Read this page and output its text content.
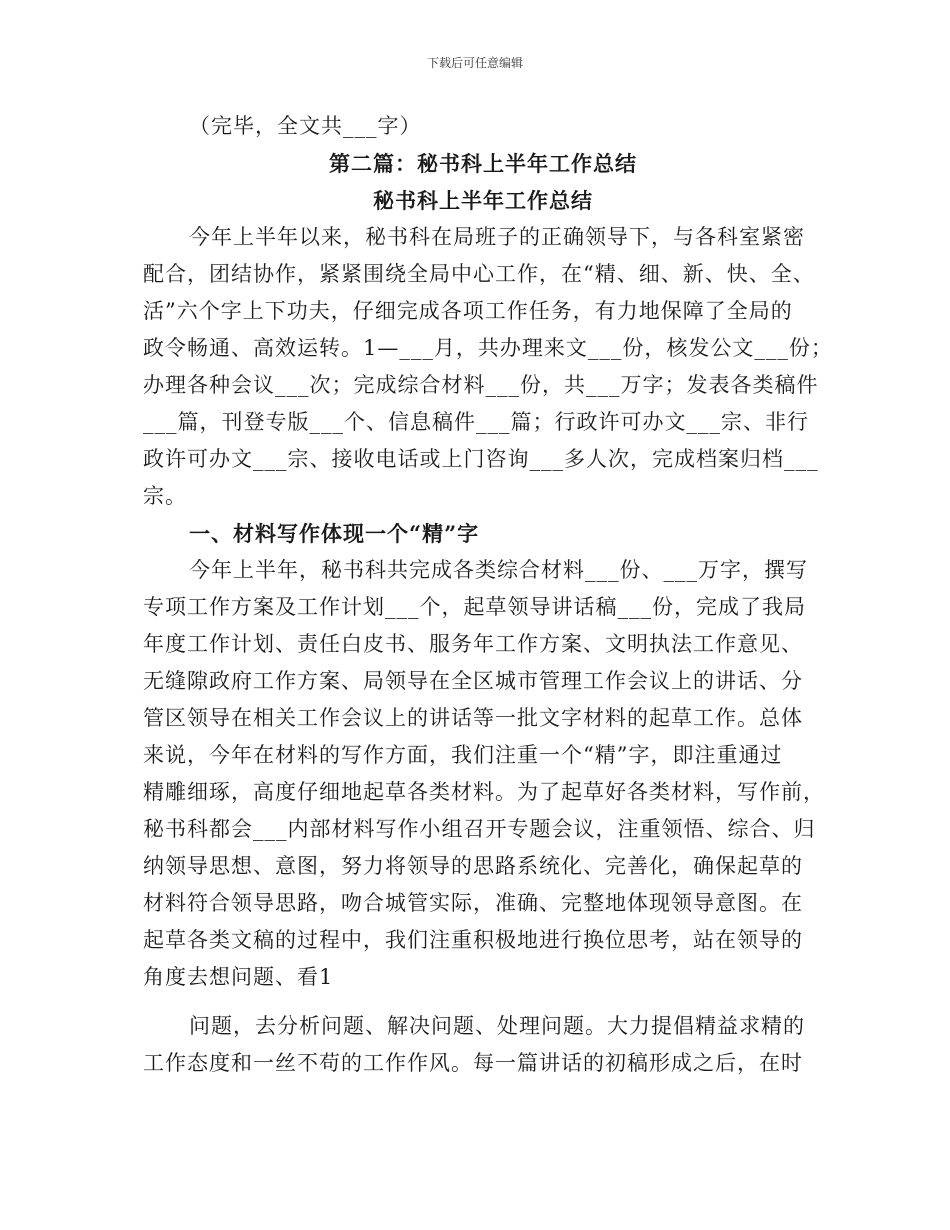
下载后可任意编辑

（完毕，全文共___字）

第二篇：秘书科上半年工作总结

秘书科上半年工作总结

今年上半年以来，秘书科在局班子的正确领导下，与各科室紧密

配合，团结协作，紧紧围绕全局中心工作，在“精、细、新、快、全、

活”六个字上下功夫，仔细完成各项工作任务，有力地保障了全局的

政令畅通、高效运转。1—___月，共办理来文___份，核发公文___份；

办理各种会议___次；完成综合材料___份，共___万字；发表各类稿件

___篇，刊登专版___个、信息稿件___篇；行政许可办文___宗、非行

政许可办文___宗、接收电话或上门咨询___多人次，完成档案归档___

宗。

一、材料写作体现一个“精”字

今年上半年，秘书科共完成各类综合材料___份、___万字，撰写

专项工作方案及工作计划___个，起草领导讲话稿___份，完成了我局

年度工作计划、责任白皮书、服务年工作方案、文明执法工作意见、

无缝隙政府工作方案、局领导在全区城市管理工作会议上的讲话、分

管区领导在相关工作会议上的讲话等一批文字材料的起草工作。总体

来说，今年在材料的写作方面，我们注重一个“精”字，即注重通过

精雕细琢，高度仔细地起草各类材料。为了起草好各类材料，写作前，

秘书科都会___内部材料写作小组召开专题会议，注重领悟、综合、归

纳领导思想、意图，努力将领导的思路系统化、完善化，确保起草的

材料符合领导思路，吻合城管实际，准确、完整地体现领导意图。在

起草各类文稿的过程中，我们注重积极地进行换位思考，站在领导的

角度去想问题、看1

问题，去分析问题、解决问题、处理问题。大力提倡精益求精的

工作态度和一丝不苟的工作作风。每一篇讲话的初稿形成之后，在时
